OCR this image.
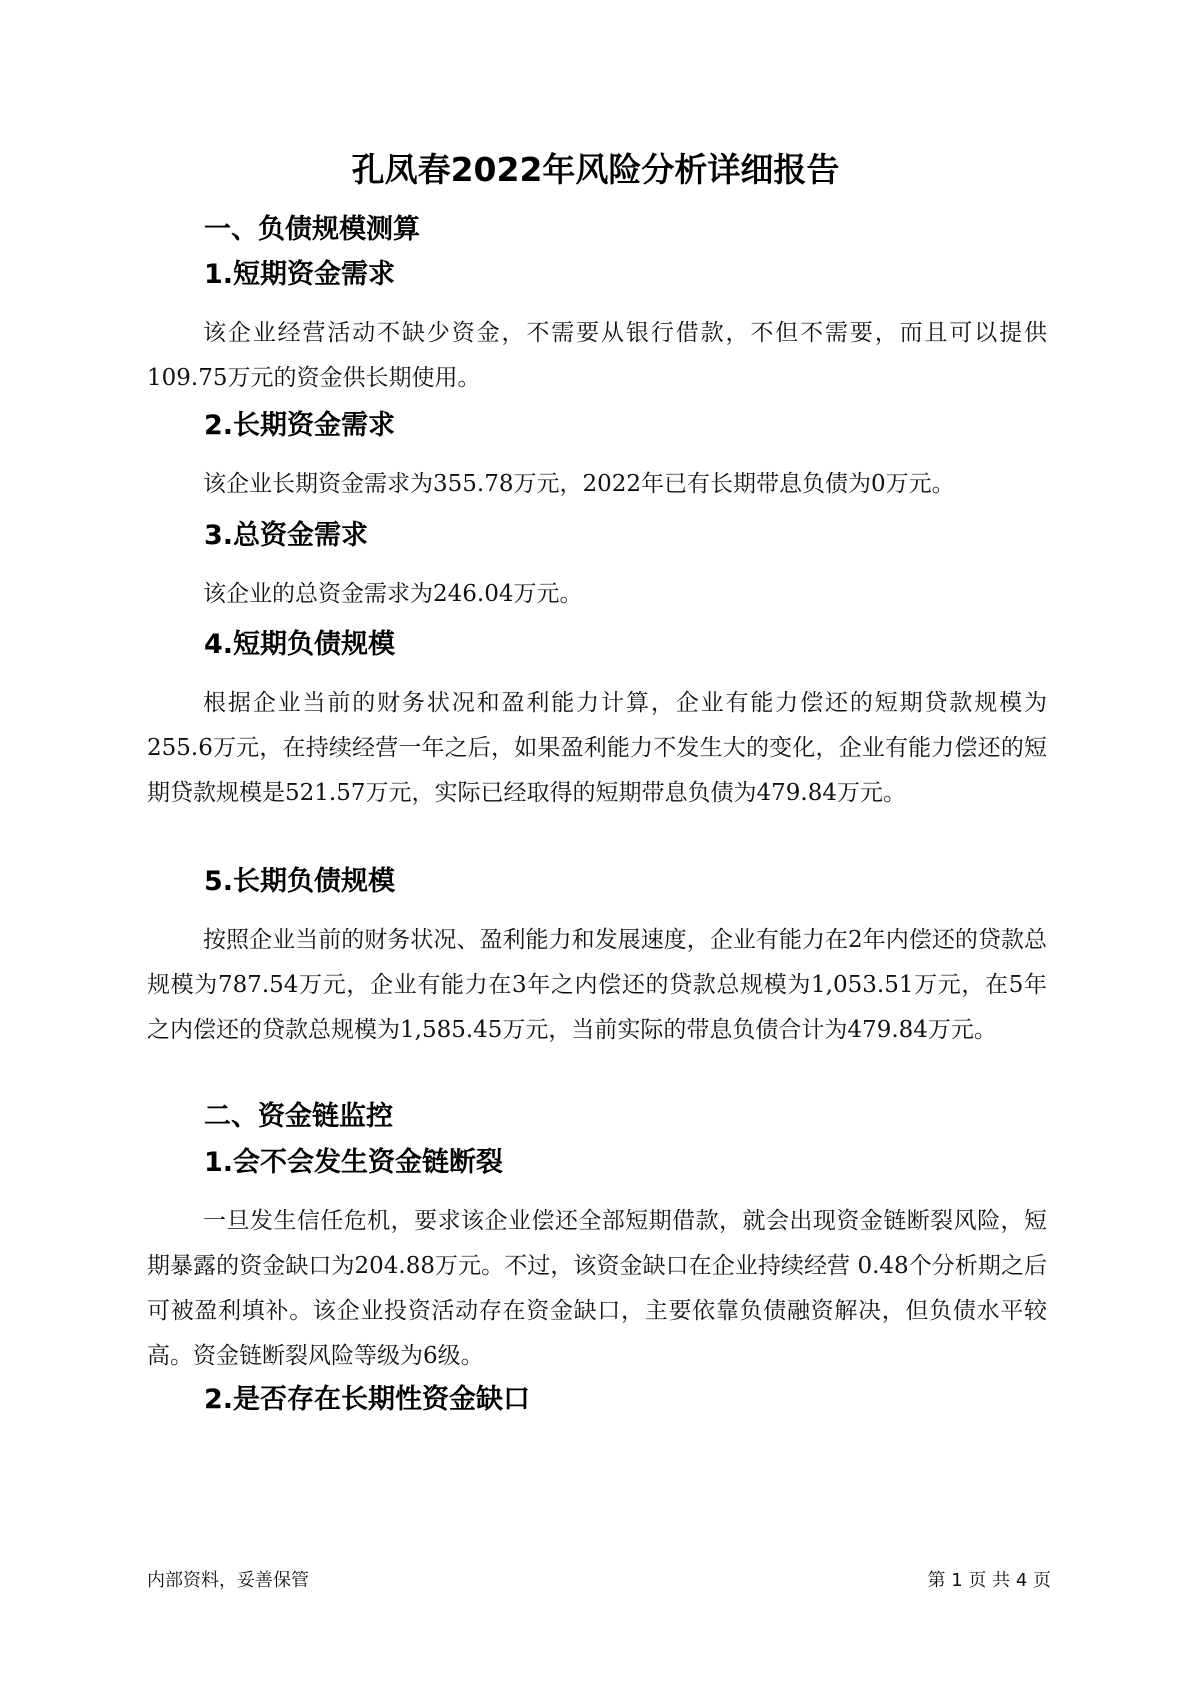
孔凤春2022年风险分析详细报告
一、负债规模测算
1.短期资金需求

该企业经营活动不缺少资金，不需要从银行借款，不但不需要，而且可以提供109.75万元的资金供长期使用。

2.长期资金需求

该企业长期资金需求为355.78万元，2022年已有长期带息负债为0万元。

3.总资金需求

该企业的总资金需求为246.04万元。

4.短期负债规模

根据企业当前的财务状况和盈利能力计算，企业有能力偿还的短期贷款规模为255.6万元，在持续经营一年之后，如果盈利能力不发生大的变化，企业有能力偿还的短期贷款规模是521.57万元，实际已经取得的短期带息负债为479.84万元。

5.长期负债规模

按照企业当前的财务状况、盈利能力和发展速度，企业有能力在2年内偿还的贷款总规模为787.54万元，企业有能力在3年之内偿还的贷款总规模为1,053.51万元，在5年之内偿还的贷款总规模为1,585.45万元，当前实际的带息负债合计为479.84万元。

二、资金链监控
1.会不会发生资金链断裂

一旦发生信任危机，要求该企业偿还全部短期借款，就会出现资金链断裂风险，短期暴露的资金缺口为204.88万元。不过，该资金缺口在企业持续经营 0.48个分析期之后可被盈利填补。该企业投资活动存在资金缺口，主要依靠负债融资解决，但负债水平较高。资金链断裂风险等级为6级。

2.是否存在长期性资金缺口
内部资料，妥善保管	第 1 页 共 4 页
